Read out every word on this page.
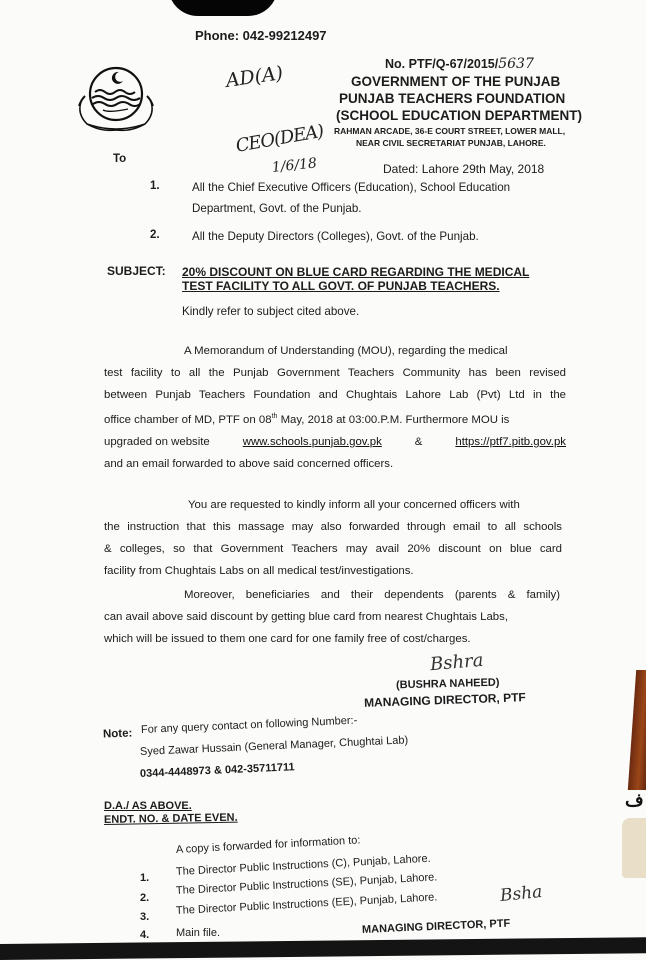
ﻑ
Phone: 042-99212497
No. PTF/Q-67/2015/5637
GOVERNMENT OF THE PUNJAB
PUNJAB TEACHERS FOUNDATION
(SCHOOL EDUCATION DEPARTMENT)
RAHMAN ARCADE, 36-E COURT STREET, LOWER MALL,
NEAR CIVIL SECRETARIAT PUNJAB, LAHORE.
Dated: Lahore 29th May, 2018
AD(A)
CEO(DEA)
1/6/18
To
1.	All the Chief Executive Officers (Education), School Education
Department, Govt. of the Punjab.
2.	All the Deputy Directors (Colleges), Govt. of the Punjab.
SUBJECT: 20% DISCOUNT ON BLUE CARD REGARDING THE MEDICAL
TEST FACILITY TO ALL GOVT. OF PUNJAB TEACHERS.
Kindly refer to subject cited above.
A Memorandum of Understanding (MOU), regarding the medical
test facility to all the Punjab Government Teachers Community has been revised
between Punjab Teachers Foundation and Chughtais Lahore Lab (Pvt) Ltd in the
office chamber of MD, PTF on 08th May, 2018 at 03:00.P.M. Furthermore MOU is
upgraded on website	www.schools.punjab.gov.pk	&	https://ptf7.pitb.gov.pk
and an email forwarded to above said concerned officers.
You are requested to kindly inform all your concerned officers with
the instruction that this massage may also forwarded through email to all schools
& colleges, so that Government Teachers may avail 20% discount on blue card
facility from Chughtais Labs on all medical test/investigations.
Moreover, beneficiaries and their dependents (parents & family)
can avail above said discount by getting blue card from nearest Chughtais Labs,
which will be issued to them one card for one family free of cost/charges.
Bshra
(BUSHRA NAHEED)
MANAGING DIRECTOR, PTF
Note: For any query contact on following Number:-
Syed Zawar Hussain (General Manager, Chughtai Lab)
0344-4448973 & 042-35711711
D.A./ AS ABOVE.
ENDT. NO. & DATE EVEN.
A copy is forwarded for information to:
1.
The Director Public Instructions (C), Punjab, Lahore.
2.
The Director Public Instructions (SE), Punjab, Lahore.
3.
The Director Public Instructions (EE), Punjab, Lahore.
4. Main file.
Bsha
MANAGING DIRECTOR, PTF
